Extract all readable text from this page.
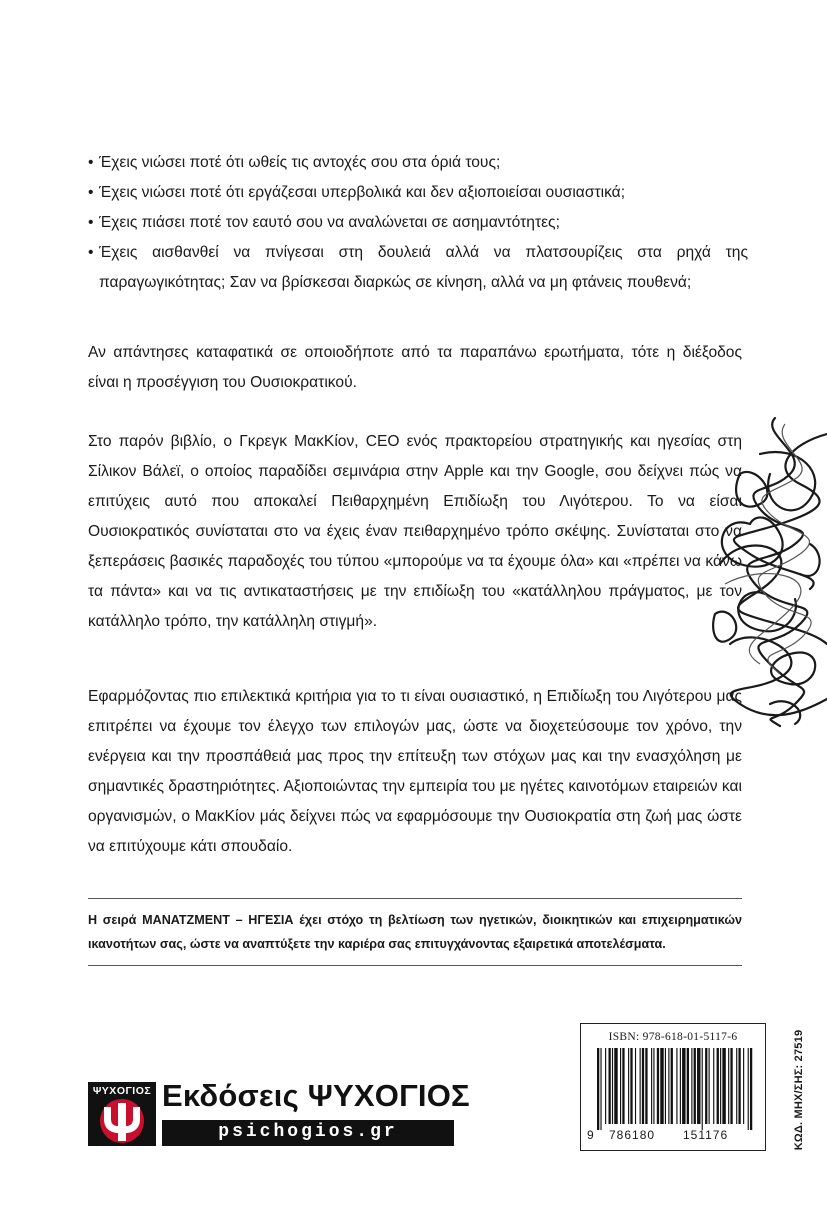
• Έχεις νιώσει ποτέ ότι ωθείς τις αντοχές σου στα όριά τους;
• Έχεις νιώσει ποτέ ότι εργάζεσαι υπερβολικά και δεν αξιοποιείσαι ουσιαστικά;
• Έχεις πιάσει ποτέ τον εαυτό σου να αναλώνεται σε ασημαντότητες;
• Έχεις αισθανθεί να πνίγεσαι στη δουλειά αλλά να πλατσουρίζεις στα ρηχά της παραγωγικότητας; Σαν να βρίσκεσαι διαρκώς σε κίνηση, αλλά να μη φτάνεις πουθενά;

Αν απάντησες καταφατικά σε οποιοδήποτε από τα παραπάνω ερωτήματα, τότε η διέξοδος είναι η προσέγγιση του Ουσιοκρατικού.

Στο παρόν βιβλίο, ο Γκρεγκ ΜακΚίον, CEO ενός πρακτορείου στρατηγικής και ηγεσίας στη Σίλικον Βάλεϊ, ο οποίος παραδίδει σεμινάρια στην Apple και την Google, σου δείχνει πώς να επιτύχεις αυτό που αποκαλεί Πειθαρχημένη Επιδίωξη του Λιγότερου. Το να είσαι Ουσιοκρατικός συνίσταται στο να έχεις έναν πειθαρχημένο τρόπο σκέψης. Συνίσταται στο να ξεπεράσεις βασικές παραδοχές του τύπου «μπορούμε να τα έχουμε όλα» και «πρέπει να κάνω τα πάντα» και να τις αντικαταστήσεις με την επιδίωξη του «κατάλληλου πράγματος, με τον κατάλληλο τρόπο, την κατάλληλη στιγμή».

Εφαρμόζοντας πιο επιλεκτικά κριτήρια για το τι είναι ουσιαστικό, η Επιδίωξη του Λιγότερου μας επιτρέπει να έχουμε τον έλεγχο των επιλογών μας, ώστε να διοχετεύσουμε τον χρόνο, την ενέργεια και την προσπάθειά μας προς την επίτευξη των στόχων μας και την ενασχόληση με σημαντικές δραστηριότητες. Αξιοποιώντας την εμπειρία του με ηγέτες καινοτόμων εταιρειών και οργανισμών, ο ΜακΚίον μάς δείχνει πώς να εφαρμόσουμε την Ουσιοκρατία στη ζωή μας ώστε να επιτύχουμε κάτι σπουδαίο.

Η σειρά ΜΑΝΑΤΖΜΕΝΤ – ΗΓΕΣΙΑ έχει στόχο τη βελτίωση των ηγετικών, διοικητικών και επιχειρηματικών ικανοτήτων σας, ώστε να αναπτύξετε την καριέρα σας επιτυγχάνοντας εξαιρετικά αποτελέσματα.

ΨΥΧΟΓΙΟΣ Εκδόσεις ΨΥΧΟΓΙΟΣ
psichogios.gr
ISBN: 978-618-01-5117-6
9 786180 151176	ΚΩΔ. ΜΗΧ/ΣΗΣ: 27519
